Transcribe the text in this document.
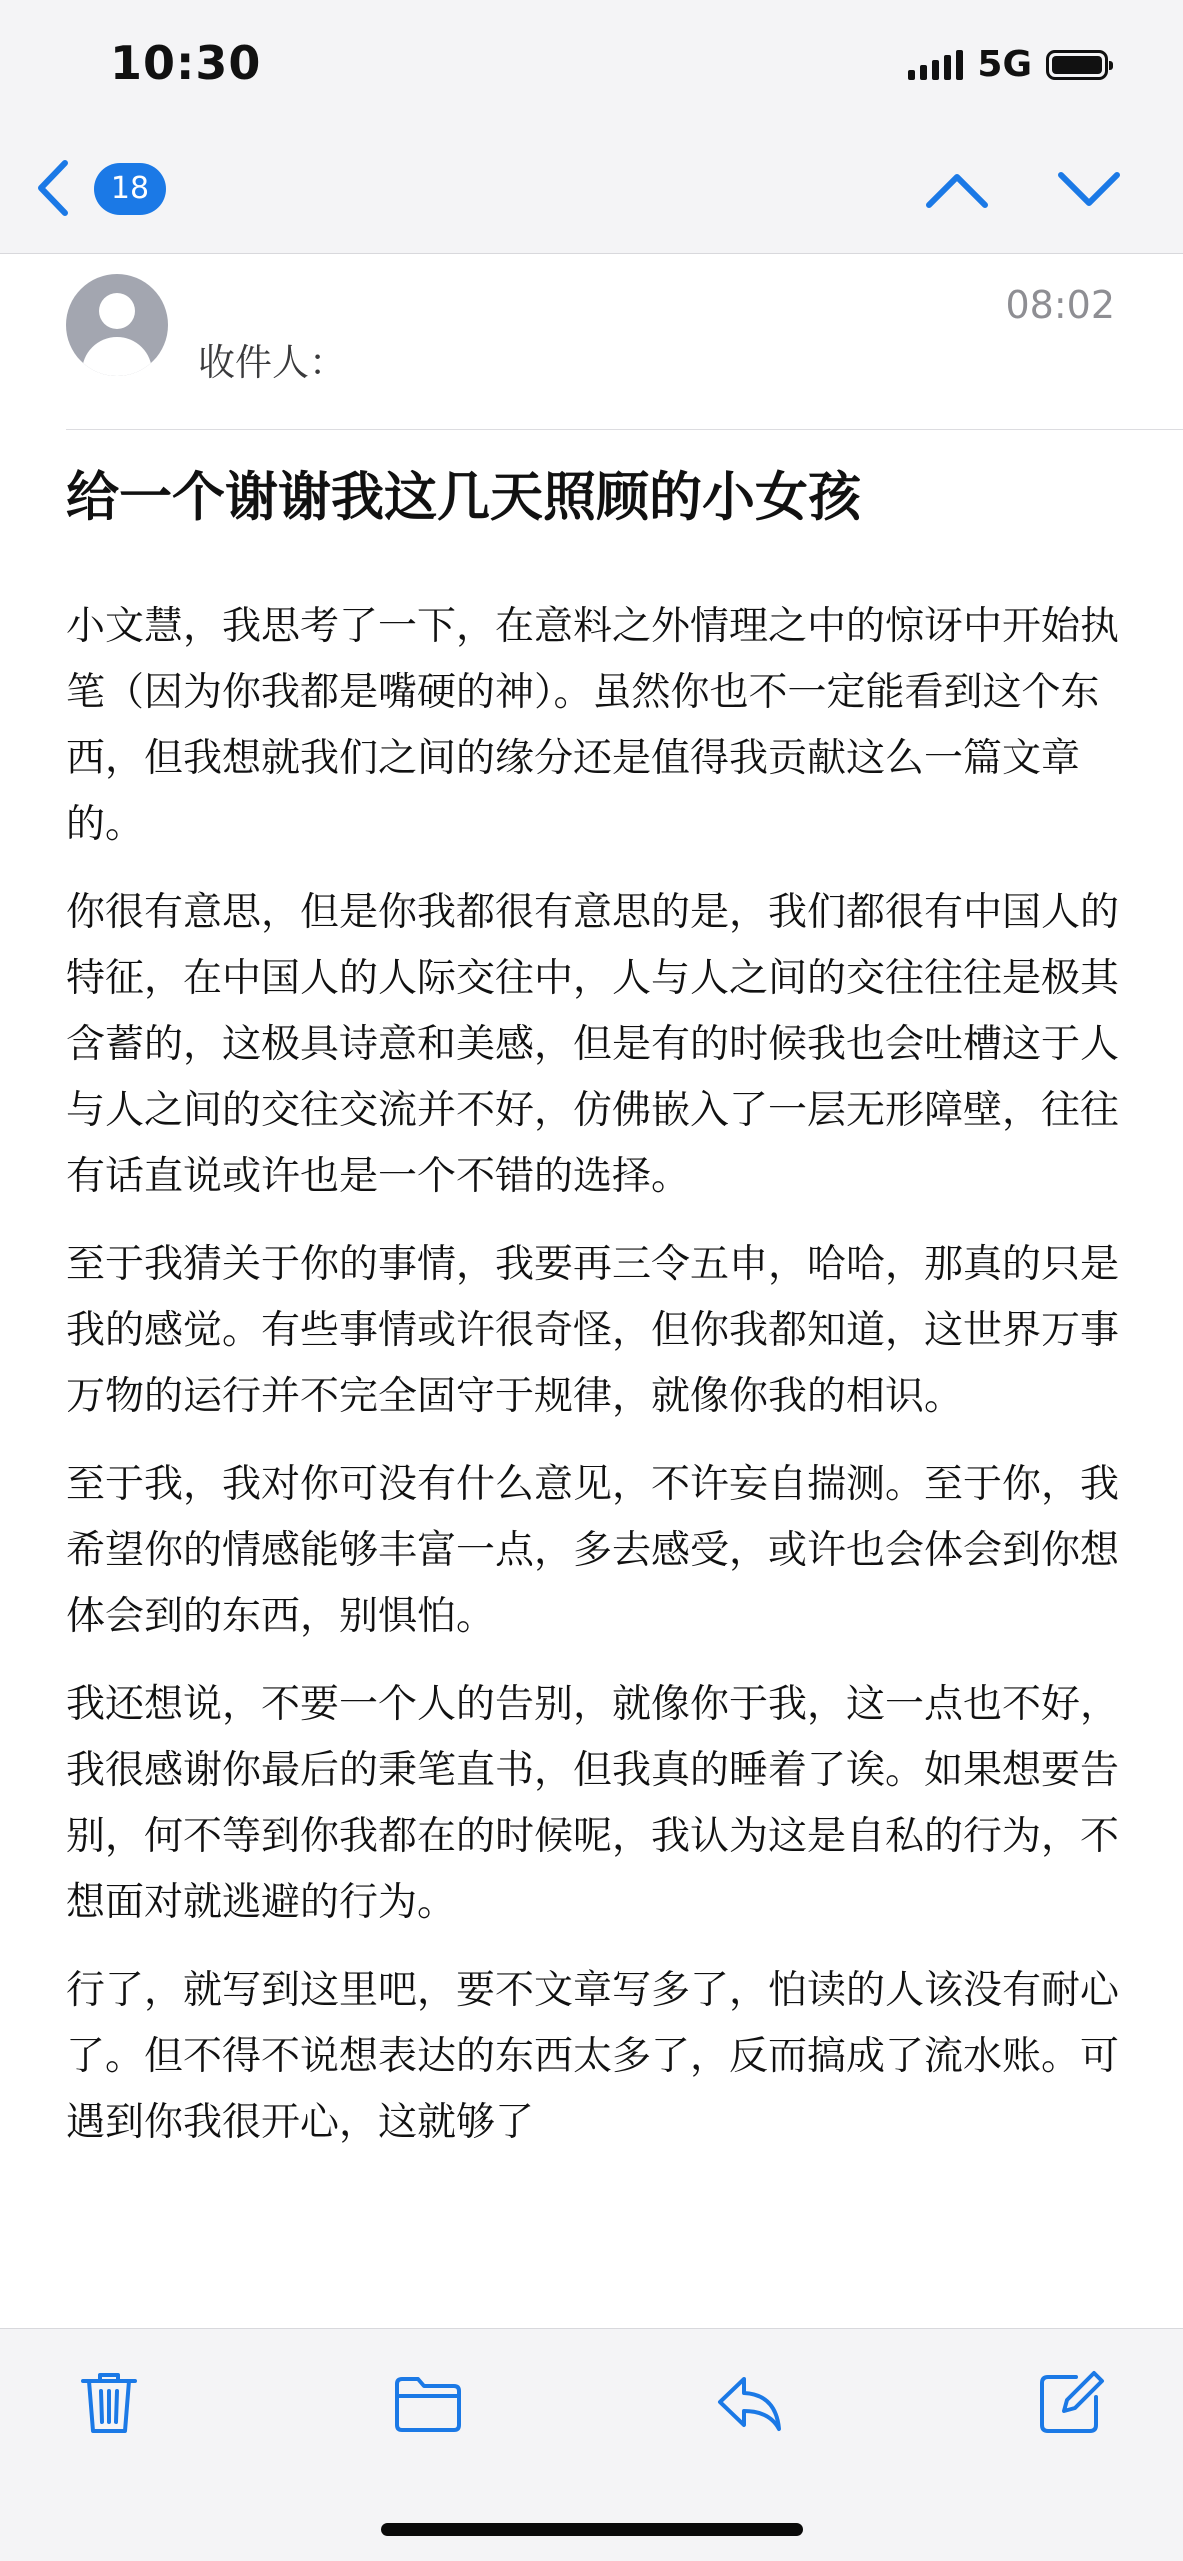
10:30	5G
18
收件人：
08:02
给一个谢谢我这几天照顾的小女孩

小文慧，我思考了一下，在意料之外情理之中的惊讶中开始执笔（因为你我都是嘴硬的神）。虽然你也不一定能看到这个东西，但我想就我们之间的缘分还是值得我贡献这么一篇文章的。

你很有意思，但是你我都很有意思的是，我们都很有中国人的特征，在中国人的人际交往中，人与人之间的交往往往是极其含蓄的，这极具诗意和美感，但是有的时候我也会吐槽这于人与人之间的交往交流并不好，仿佛嵌入了一层无形障壁，往往有话直说或许也是一个不错的选择。

至于我猜关于你的事情，我要再三令五申，哈哈，那真的只是我的感觉。有些事情或许很奇怪，但你我都知道，这世界万事万物的运行并不完全固守于规律，就像你我的相识。

至于我，我对你可没有什么意见，不许妄自揣测。至于你，我希望你的情感能够丰富一点，多去感受，或许也会体会到你想体会到的东西，别惧怕。

我还想说，不要一个人的告别，就像你于我，这一点也不好，我很感谢你最后的秉笔直书，但我真的睡着了诶。如果想要告别，何不等到你我都在的时候呢，我认为这是自私的行为，不想面对就逃避的行为。

行了，就写到这里吧，要不文章写多了，怕读的人该没有耐心了。但不得不说想表达的东西太多了，反而搞成了流水账。可遇到你我很开心，这就够了
